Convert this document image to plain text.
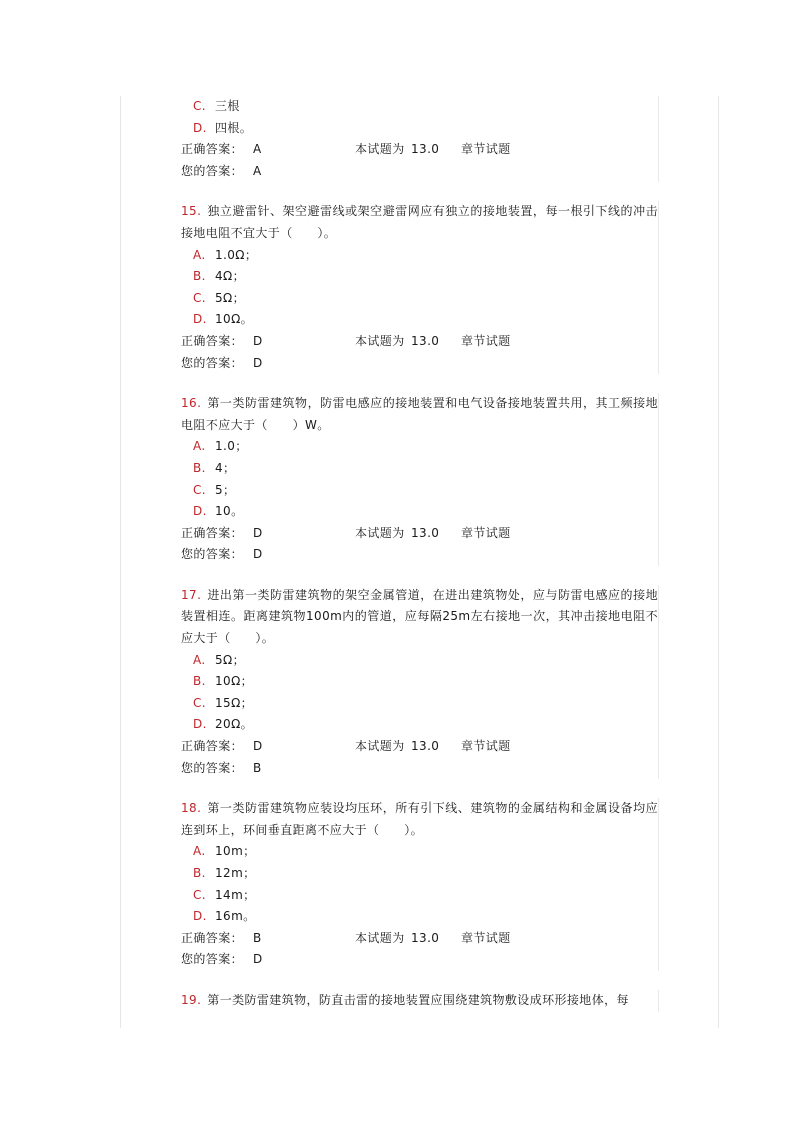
C. 三根
D. 四根。
正确答案： A	本试题为 13.0 章节试题
您的答案： A
15. 独立避雷针、架空避雷线或架空避雷网应有独立的接地装置，每一根引下线的冲击接地电阻不宜大于（　　）。
A. 1.0Ω；
B. 4Ω；
C. 5Ω；
D. 10Ω。
正确答案： D	本试题为 13.0 章节试题
您的答案： D
16. 第一类防雷建筑物，防雷电感应的接地装置和电气设备接地装置共用，其工频接地电阻不应大于（　　）W。
A. 1.0；
B. 4；
C. 5；
D. 10。
正确答案： D	本试题为 13.0 章节试题
您的答案： D
17. 进出第一类防雷建筑物的架空金属管道，在进出建筑物处，应与防雷电感应的接地装置相连。距离建筑物100m内的管道，应每隔25m左右接地一次，其冲击接地电阻不应大于（　　）。
A. 5Ω；
B. 10Ω；
C. 15Ω；
D. 20Ω。
正确答案： D	本试题为 13.0 章节试题
您的答案： B
18. 第一类防雷建筑物应装设均压环，所有引下线、建筑物的金属结构和金属设备均应连到环上，环间垂直距离不应大于（　　）。
A. 10m；
B. 12m；
C. 14m；
D. 16m。
正确答案： B	本试题为 13.0 章节试题
您的答案： D
19. 第一类防雷建筑物，防直击雷的接地装置应围绕建筑物敷设成环形接地体，每
